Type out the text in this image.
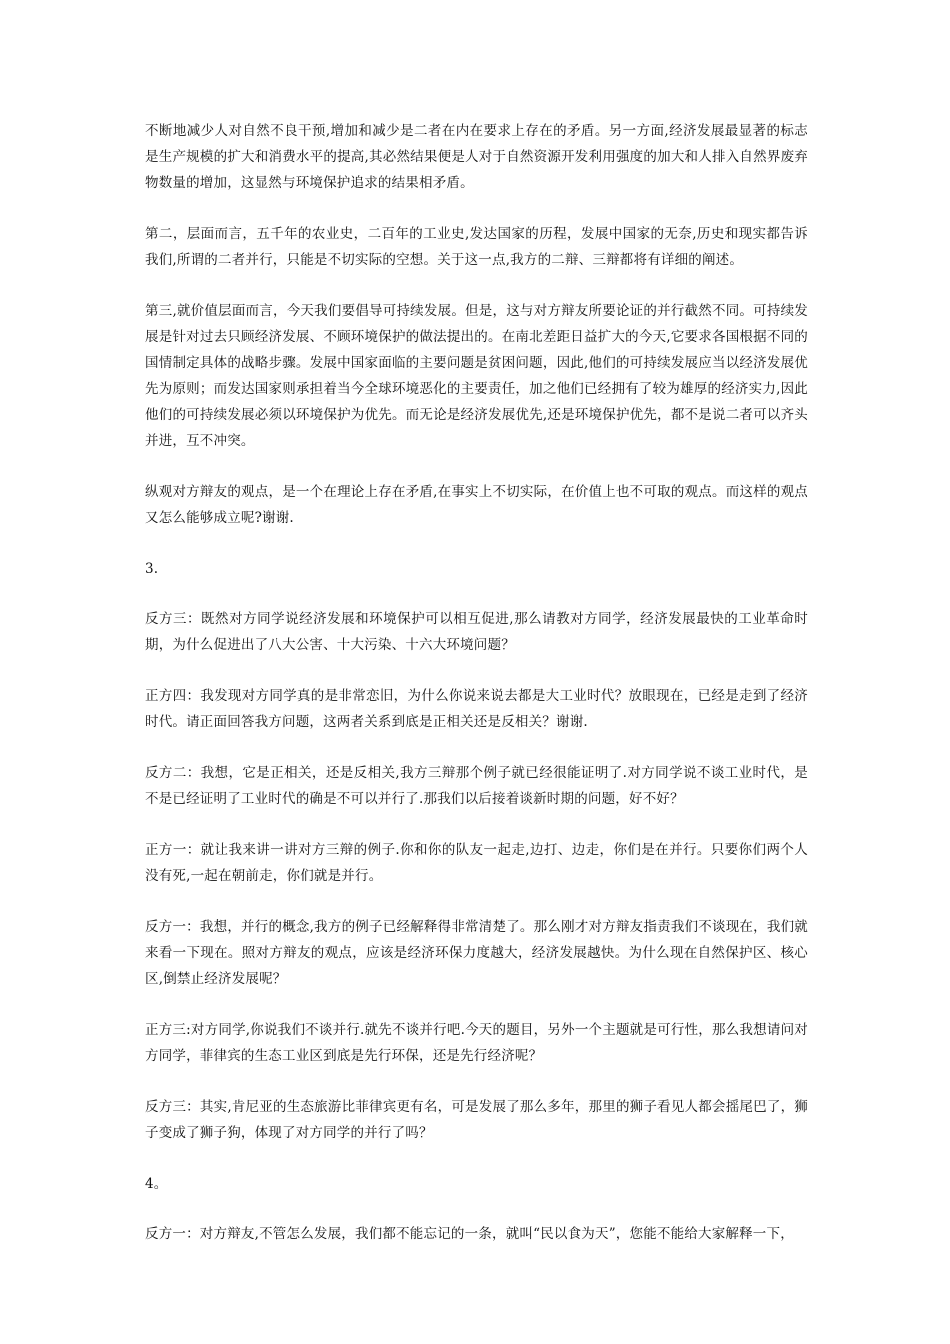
不断地减少人对自然不良干预,增加和减少是二者在内在要求上存在的矛盾。另一方面,经济发展最显著的标志是生产规模的扩大和消费水平的提高,其必然结果便是人对于自然资源开发利用强度的加大和人排入自然界废弃物数量的增加，这显然与环境保护追求的结果相矛盾。

第二，层面而言，五千年的农业史，二百年的工业史,发达国家的历程，发展中国家的无奈,历史和现实都告诉我们,所谓的二者并行，只能是不切实际的空想。关于这一点,我方的二辩、三辩都将有详细的阐述。

第三,就价值层面而言，今天我们要倡导可持续发展。但是，这与对方辩友所要论证的并行截然不同。可持续发展是针对过去只顾经济发展、不顾环境保护的做法提出的。在南北差距日益扩大的今天,它要求各国根据不同的国情制定具体的战略步骤。发展中国家面临的主要问题是贫困问题，因此,他们的可持续发展应当以经济发展优先为原则；而发达国家则承担着当今全球环境恶化的主要责任，加之他们已经拥有了较为雄厚的经济实力,因此他们的可持续发展必须以环境保护为优先。而无论是经济发展优先,还是环境保护优先，都不是说二者可以齐头并进，互不冲突。

纵观对方辩友的观点，是一个在理论上存在矛盾,在事实上不切实际，在价值上也不可取的观点。而这样的观点又怎么能够成立呢?谢谢.

3.

反方三：既然对方同学说经济发展和环境保护可以相互促进,那么请教对方同学，经济发展最快的工业革命时期，为什么促进出了八大公害、十大污染、十六大环境问题？

正方四：我发现对方同学真的是非常恋旧，为什么你说来说去都是大工业时代？放眼现在，已经是走到了经济时代。请正面回答我方问题，这两者关系到底是正相关还是反相关？谢谢.

反方二：我想，它是正相关，还是反相关,我方三辩那个例子就已经很能证明了.对方同学说不谈工业时代，是不是已经证明了工业时代的确是不可以并行了.那我们以后接着谈新时期的问题，好不好？

正方一：就让我来讲一讲对方三辩的例子.你和你的队友一起走,边打、边走，你们是在并行。只要你们两个人没有死,一起在朝前走，你们就是并行。

反方一：我想，并行的概念,我方的例子已经解释得非常清楚了。那么刚才对方辩友指责我们不谈现在，我们就来看一下现在。照对方辩友的观点，应该是经济环保力度越大，经济发展越快。为什么现在自然保护区、核心区,倒禁止经济发展呢？

正方三:对方同学,你说我们不谈并行.就先不谈并行吧.今天的题目，另外一个主题就是可行性，那么我想请问对方同学，菲律宾的生态工业区到底是先行环保，还是先行经济呢？

反方三：其实,肯尼亚的生态旅游比菲律宾更有名，可是发展了那么多年，那里的狮子看见人都会摇尾巴了，狮子变成了狮子狗，体现了对方同学的并行了吗？

4。

反方一：对方辩友,不管怎么发展，我们都不能忘记的一条，就叫“民以食为天”，您能不能给大家解释一下，
